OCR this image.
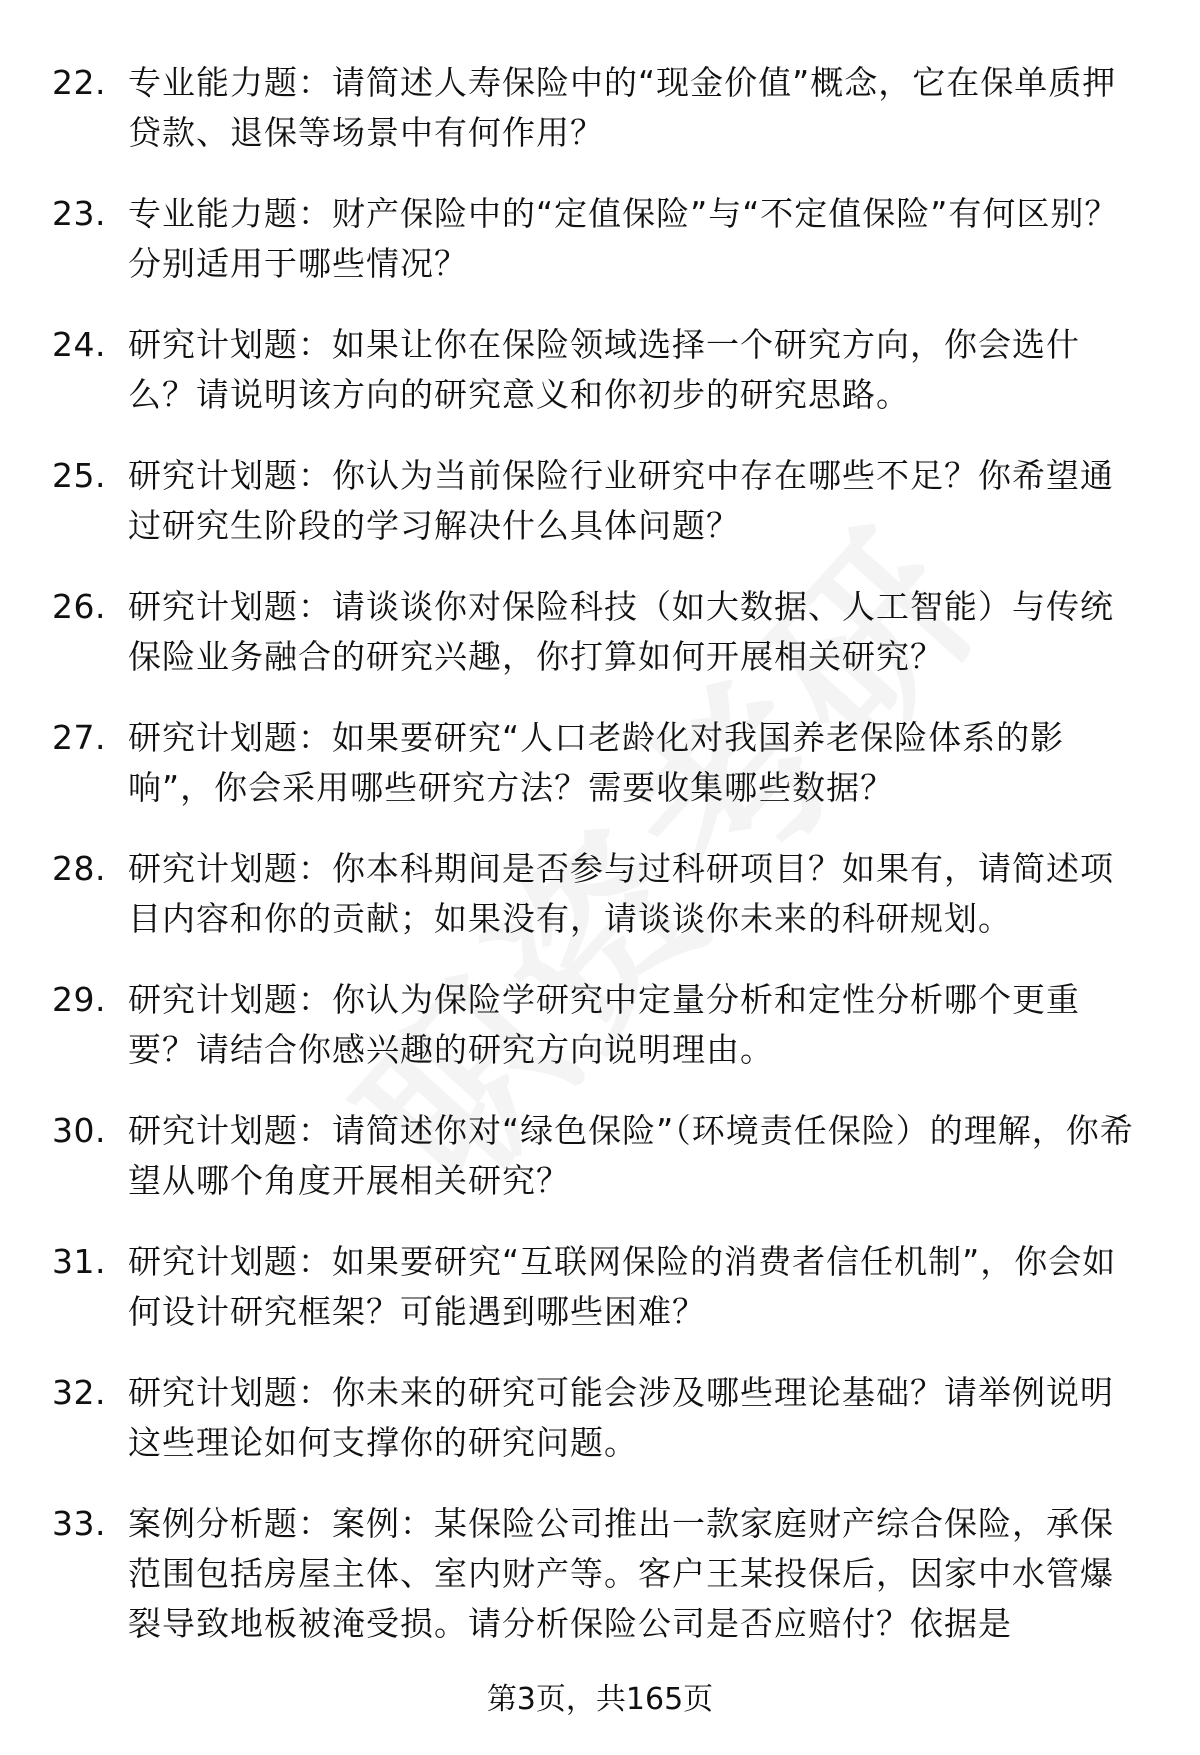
22. 专业能力题：请简述人寿保险中的“现金价值”概念，它在保单质押贷款、退保等场景中有何作用？
23. 专业能力题：财产保险中的“定值保险”与“不定值保险”有何区别？分别适用于哪些情况？
24. 研究计划题：如果让你在保险领域选择一个研究方向，你会选什么？请说明该方向的研究意义和你初步的研究思路。
25. 研究计划题：你认为当前保险行业研究中存在哪些不足？你希望通过研究生阶段的学习解决什么具体问题？
26. 研究计划题：请谈谈你对保险科技（如大数据、人工智能）与传统保险业务融合的研究兴趣，你打算如何开展相关研究？
27. 研究计划题：如果要研究“人口老龄化对我国养老保险体系的影响”，你会采用哪些研究方法？需要收集哪些数据？
28. 研究计划题：你本科期间是否参与过科研项目？如果有，请简述项目内容和你的贡献；如果没有，请谈谈你未来的科研规划。
29. 研究计划题：你认为保险学研究中定量分析和定性分析哪个更重要？请结合你感兴趣的研究方向说明理由。
30. 研究计划题：请简述你对“绿色保险”（环境责任保险）的理解，你希望从哪个角度开展相关研究？
31. 研究计划题：如果要研究“互联网保险的消费者信任机制”，你会如何设计研究框架？可能遇到哪些困难？
32. 研究计划题：你未来的研究可能会涉及哪些理论基础？请举例说明这些理论如何支撑你的研究问题。
33. 案例分析题：案例：某保险公司推出一款家庭财产综合保险，承保范围包括房屋主体、室内财产等。客户王某投保后，因家中水管爆裂导致地板被淹受损。请分析保险公司是否应赔付？依据是
第3页，共165页
